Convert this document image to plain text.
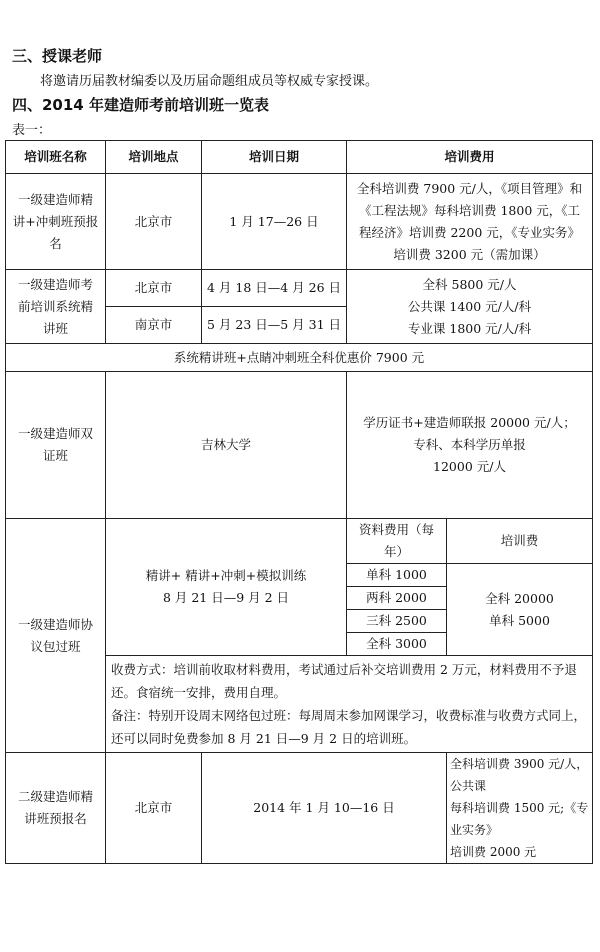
三、授课老师
将邀请历届教材编委以及历届命题组成员等权威专家授课。
四、2014 年建造师考前培训班一览表
表一：
培训班名称	培训地点	培训日期	培训费用	

一级建造师精
讲+冲刺班预报
名	北京市	1 月 17—26 日	全科培训费 7900 元/人，《项目管理》和
《工程法规》每科培训费 1800 元，《工
程经济》培训费 2200 元，《专业实务》
培训费 3200 元（需加课）	

一级建造师考
前培训系统精
讲班	北京市	4 月 18 日—4 月 26 日	全科 5800 元/人
公共课 1400 元/人/科
专业课 1800 元/人/科	

	南京市	5 月 23 日—5 月 31 日		
系统精讲班+点睛冲刺班全科优惠价 7900 元				

一级建造师双
证班	吉林大学		学历证书+建造师联报 20000 元/人；
专科、本科学历单报
12000 元/人	

一级建造师协
议包过班	精讲+ 精讲+冲刺+模拟训练
8 月 21 日—9 月 2 日		资料费用（每年）	培训费
			单科 1000	全科 20000
单科 5000

			两科 2000	
			三科 2500	
			全科 3000	

	收费方式：培训前收取材料费用，考试通过后补交培训费用 2 万元，材料费用不予退还。食宿统一安排，费用自理。
备注：特别开设周末网络包过班：每周周末参加网课学习，收费标准与收费方式同上，还可以同时免费参加 8 月 21 日—9 月 2 日的培训班。			

二级建造师精
讲班预报名	北京市	2014 年 1 月 10—16 日		全科培训费 3900 元/人，公共课
每科培训费 1500 元;《专业实务》
培训费 2000 元
